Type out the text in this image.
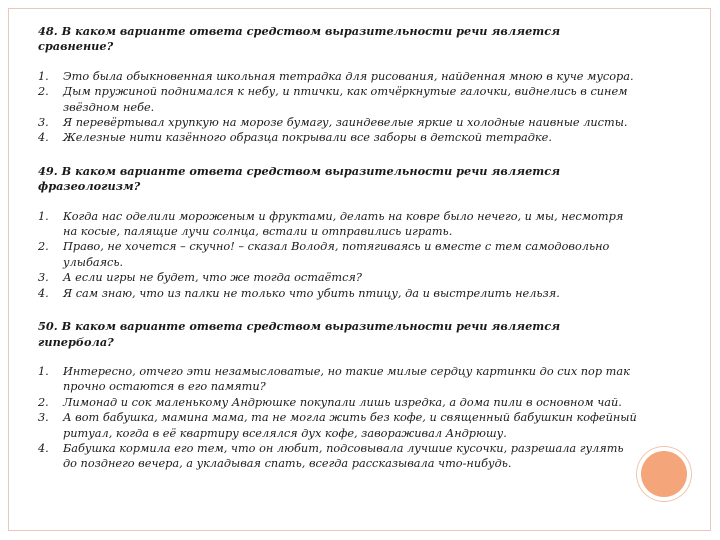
48. В каком варианте ответа средством выразительности речи является сравнение?
1. Это была обыкновенная школьная тетрадка для рисования, найденная мною в куче мусора.
2. Дым пружиной поднимался к небу, и птички, как отчёркнутые галочки, виднелись в синем звёздном небе.
3. Я перевёртывал хрупкую на морозе бумагу, заиндевелые яркие и холодные наивные листы.
4. Железные нити казённого образца покрывали все заборы в детской тетрадке.
49. В каком варианте ответа средством выразительности речи является фразеологизм?
1. Когда нас оделили мороженым и фруктами, делать на ковре было нечего, и мы, несмотря на косые, палящие лучи солнца, встали и отправились играть.
2. Право, не хочется – скучно! – сказал Володя, потягиваясь и вместе с тем самодовольно улыбаясь.
3. А если игры не будет, что же тогда остаётся?
4. Я сам знаю, что из палки не только что убить птицу, да и выстрелить нельзя.
50. В каком варианте ответа средством выразительности речи является гипербола?
1. Интересно, отчего эти незамысловатые, но такие милые сердцу картинки до сих пор так прочно остаются в его памяти?
2. Лимонад и сок маленькому Андрюшке покупали лишь изредка, а дома пили в основном чай.
3. А вот бабушка, мамина мама, та не могла жить без кофе, и священный бабушкин кофейный ритуал, когда в её квартиру вселялся дух кофе, завораживал Андрюшу.
4. Бабушка кормила его тем, что он любит, подсовывала лучшие кусочки, разрешала гулять до позднего вечера, а укладывая спать, всегда рассказывала что-нибудь.
